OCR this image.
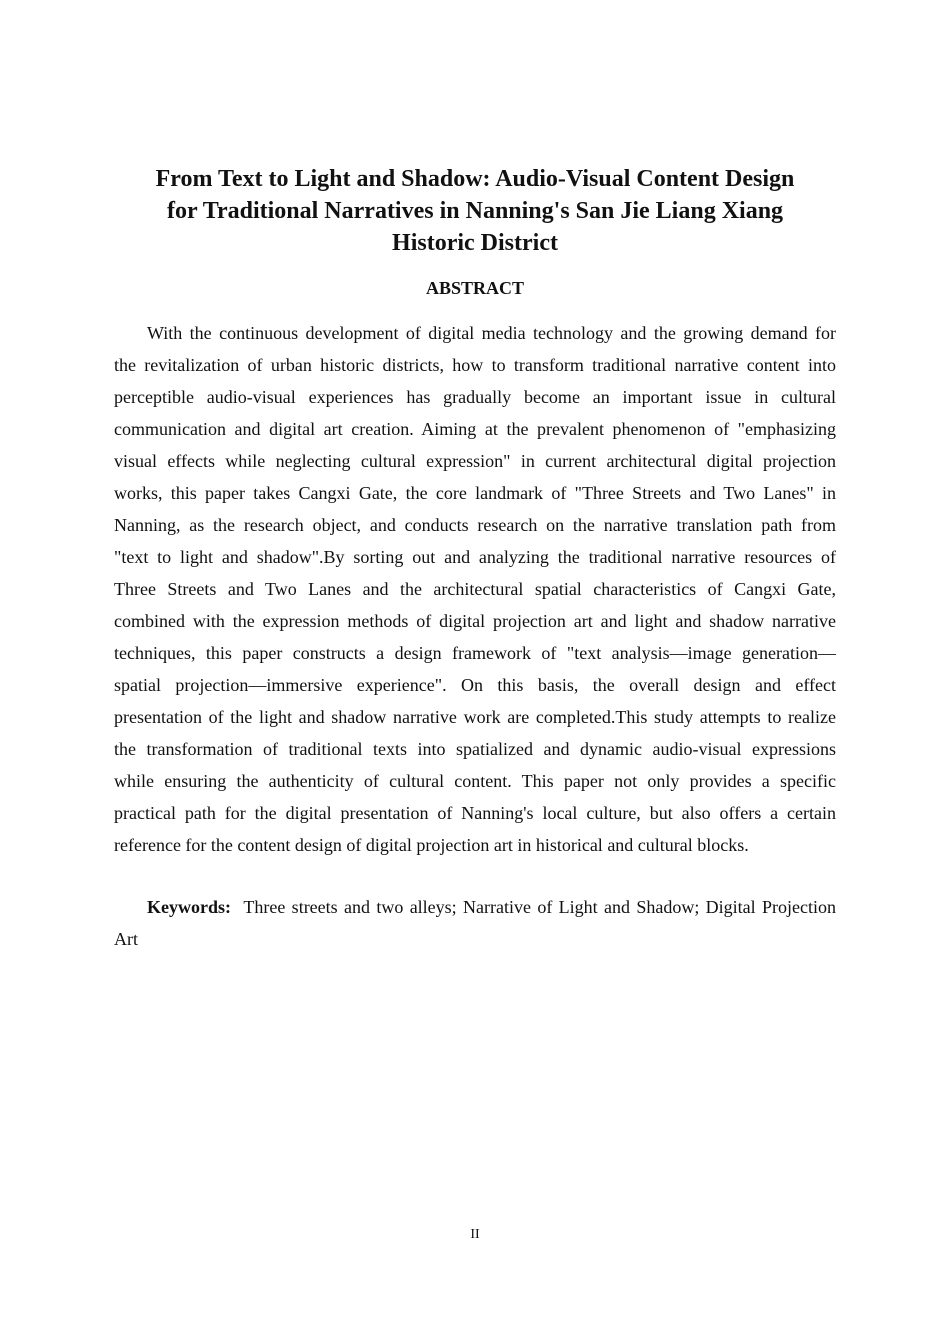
From Text to Light and Shadow: Audio-Visual Content Design
for Traditional Narratives in Nanning's San Jie Liang Xiang
Historic District
ABSTRACT
With the continuous development of digital media technology and the growing demand for
the revitalization of urban historic districts, how to transform traditional narrative content into
perceptible audio-visual experiences has gradually become an important issue in cultural
communication and digital art creation. Aiming at the prevalent phenomenon of "emphasizing
visual effects while neglecting cultural expression" in current architectural digital projection
works, this paper takes Cangxi Gate, the core landmark of "Three Streets and Two Lanes" in
Nanning, as the research object, and conducts research on the narrative translation path from
"text to light and shadow".By sorting out and analyzing the traditional narrative resources of
Three Streets and Two Lanes and the architectural spatial characteristics of Cangxi Gate,
combined with the expression methods of digital projection art and light and shadow narrative
techniques, this paper constructs a design framework of "text analysis—image generation—
spatial projection—immersive experience". On this basis, the overall design and effect
presentation of the light and shadow narrative work are completed.This study attempts to realize
the transformation of traditional texts into spatialized and dynamic audio-visual expressions
while ensuring the authenticity of cultural content. This paper not only provides a specific
practical path for the digital presentation of Nanning's local culture, but also offers a certain
reference for the content design of digital projection art in historical and cultural blocks.
Keywords: Three streets and two alleys; Narrative of Light and Shadow; Digital Projection
Art
II
